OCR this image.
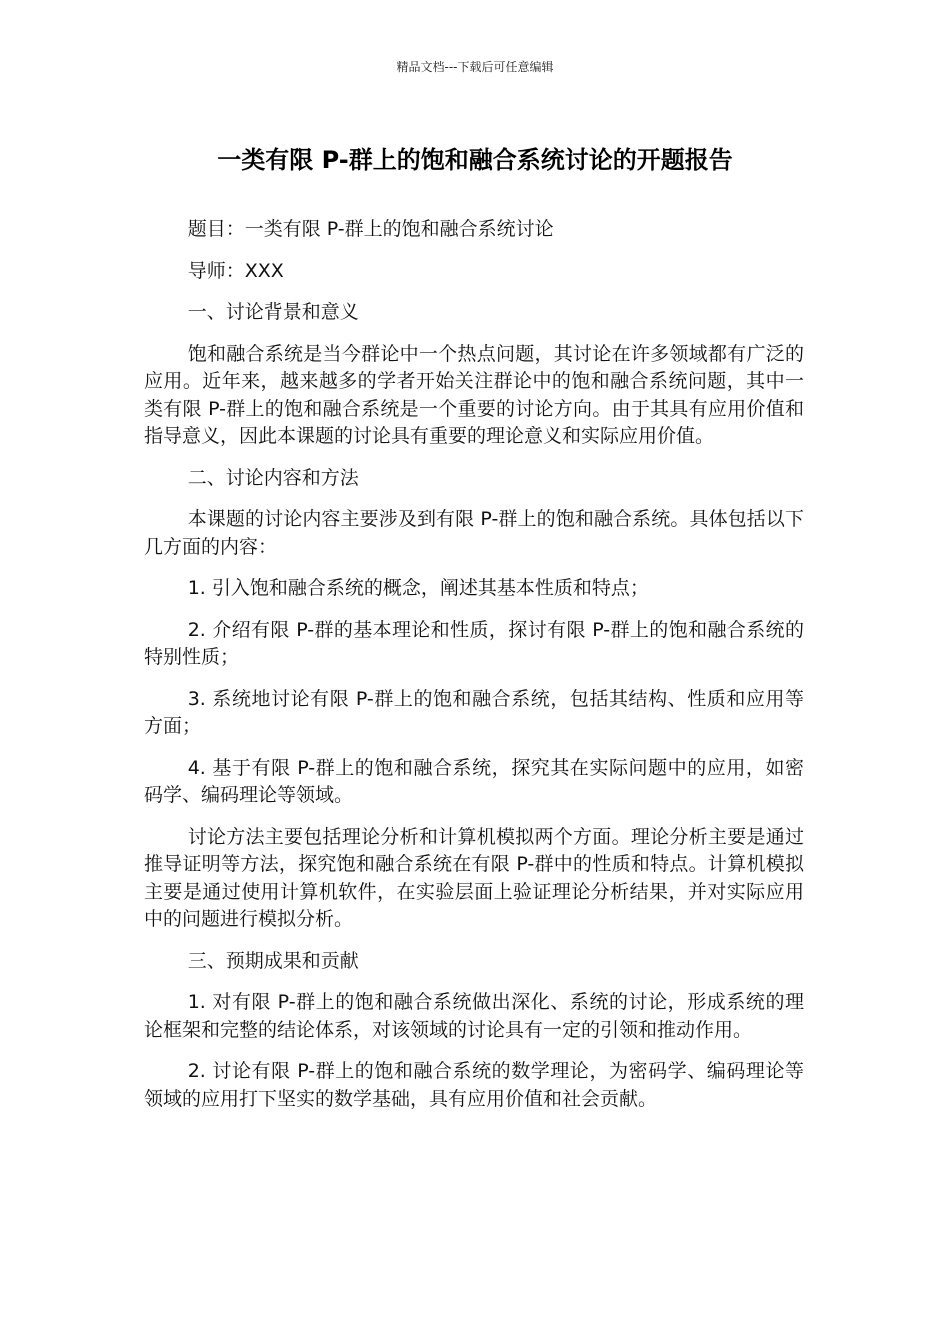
精品文档---下载后可任意编辑
一类有限 P-群上的饱和融合系统讨论的开题报告

题目：一类有限 P-群上的饱和融合系统讨论

导师：XXX

一、讨论背景和意义

饱和融合系统是当今群论中一个热点问题，其讨论在许多领域都有广泛的应用。近年来，越来越多的学者开始关注群论中的饱和融合系统问题，其中一类有限 P-群上的饱和融合系统是一个重要的讨论方向。由于其具有应用价值和指导意义，因此本课题的讨论具有重要的理论意义和实际应用价值。

二、讨论内容和方法

本课题的讨论内容主要涉及到有限 P-群上的饱和融合系统。具体包括以下几方面的内容：

1. 引入饱和融合系统的概念，阐述其基本性质和特点；

2. 介绍有限 P-群的基本理论和性质，探讨有限 P-群上的饱和融合系统的特别性质；

3. 系统地讨论有限 P-群上的饱和融合系统，包括其结构、性质和应用等方面；

4. 基于有限 P-群上的饱和融合系统，探究其在实际问题中的应用，如密码学、编码理论等领域。

讨论方法主要包括理论分析和计算机模拟两个方面。理论分析主要是通过推导证明等方法，探究饱和融合系统在有限 P-群中的性质和特点。计算机模拟主要是通过使用计算机软件，在实验层面上验证理论分析结果，并对实际应用中的问题进行模拟分析。

三、预期成果和贡献

1. 对有限 P-群上的饱和融合系统做出深化、系统的讨论，形成系统的理论框架和完整的结论体系，对该领域的讨论具有一定的引领和推动作用。

2. 讨论有限 P-群上的饱和融合系统的数学理论，为密码学、编码理论等领域的应用打下坚实的数学基础，具有应用价值和社会贡献。
